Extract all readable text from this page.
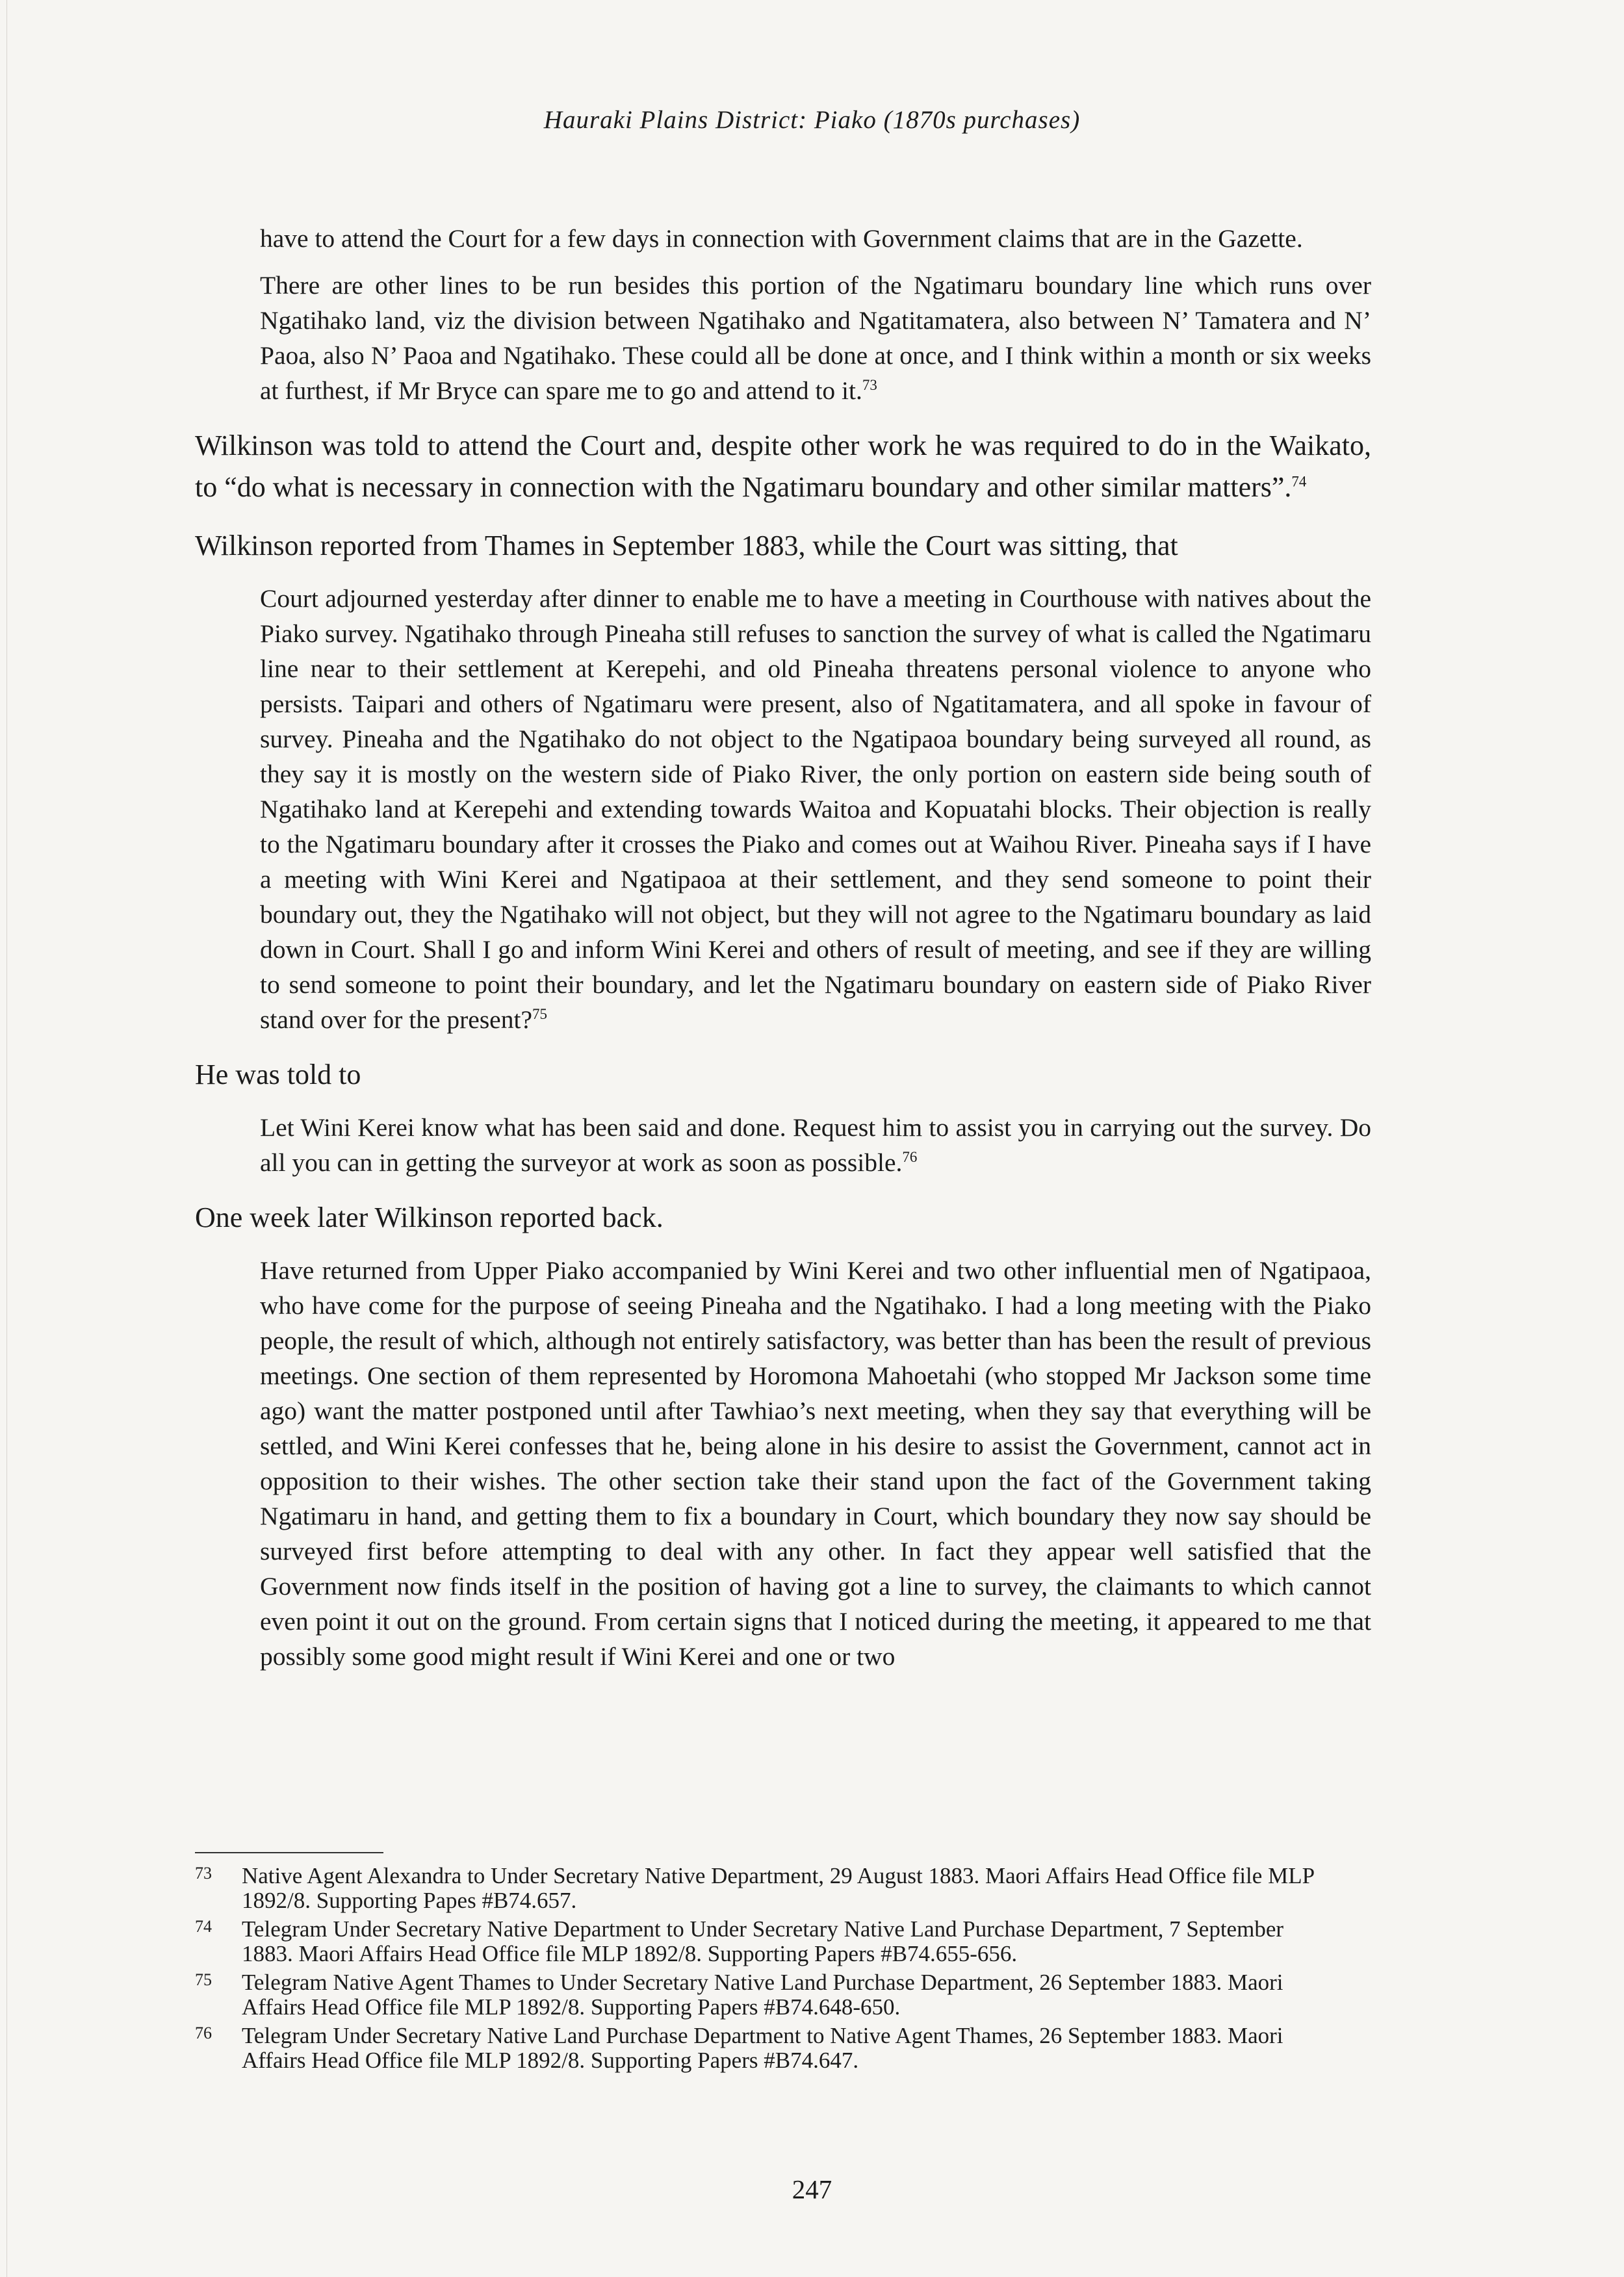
Hauraki Plains District: Piako (1870s purchases)

have to attend the Court for a few days in connection with Government claims that are in the Gazette.

There are other lines to be run besides this portion of the Ngatimaru boundary line which runs over Ngatihako land, viz the division between Ngatihako and Ngatitamatera, also between N’ Tamatera and N’ Paoa, also N’ Paoa and Ngatihako. These could all be done at once, and I think within a month or six weeks at furthest, if Mr Bryce can spare me to go and attend to it.$^{73}$

Wilkinson was told to attend the Court and, despite other work he was required to do in the Waikato, to “do what is necessary in connection with the Ngatimaru boundary and other similar matters”.$^{74}$

Wilkinson reported from Thames in September 1883, while the Court was sitting, that

Court adjourned yesterday after dinner to enable me to have a meeting in Courthouse with natives about the Piako survey. Ngatihako through Pineaha still refuses to sanction the survey of what is called the Ngatimaru line near to their settlement at Kerepehi, and old Pineaha threatens personal violence to anyone who persists. Taipari and others of Ngatimaru were present, also of Ngatitamatera, and all spoke in favour of survey. Pineaha and the Ngatihako do not object to the Ngatipaoa boundary being surveyed all round, as they say it is mostly on the western side of Piako River, the only portion on eastern side being south of Ngatihako land at Kerepehi and extending towards Waitoa and Kopuatahi blocks. Their objection is really to the Ngatimaru boundary after it crosses the Piako and comes out at Waihou River. Pineaha says if I have a meeting with Wini Kerei and Ngatipaoa at their settlement, and they send someone to point their boundary out, they the Ngatihako will not object, but they will not agree to the Ngatimaru boundary as laid down in Court. Shall I go and inform Wini Kerei and others of result of meeting, and see if they are willing to send someone to point their boundary, and let the Ngatimaru boundary on eastern side of Piako River stand over for the present?$^{75}$

He was told to

Let Wini Kerei know what has been said and done. Request him to assist you in carrying out the survey. Do all you can in getting the surveyor at work as soon as possible.$^{76}$

One week later Wilkinson reported back.

Have returned from Upper Piako accompanied by Wini Kerei and two other influential men of Ngatipaoa, who have come for the purpose of seeing Pineaha and the Ngatihako. I had a long meeting with the Piako people, the result of which, although not entirely satisfactory, was better than has been the result of previous meetings. One section of them represented by Horomona Mahoetahi (who stopped Mr Jackson some time ago) want the matter postponed until after Tawhiao’s next meeting, when they say that everything will be settled, and Wini Kerei confesses that he, being alone in his desire to assist the Government, cannot act in opposition to their wishes. The other section take their stand upon the fact of the Government taking Ngatimaru in hand, and getting them to fix a boundary in Court, which boundary they now say should be surveyed first before attempting to deal with any other. In fact they appear well satisfied that the Government now finds itself in the position of having got a line to survey, the claimants to which cannot even point it out on the ground. From certain signs that I noticed during the meeting, it appeared to me that possibly some good might result if Wini Kerei and one or two

73	Native Agent Alexandra to Under Secretary Native Department, 29 August 1883. Maori Affairs Head Office file MLP 1892/8. Supporting Papes #B74.657.
74	Telegram Under Secretary Native Department to Under Secretary Native Land Purchase Department, 7 September 1883. Maori Affairs Head Office file MLP 1892/8. Supporting Papers #B74.655-656.
75	Telegram Native Agent Thames to Under Secretary Native Land Purchase Department, 26 September 1883. Maori Affairs Head Office file MLP 1892/8. Supporting Papers #B74.648-650.
76	Telegram Under Secretary Native Land Purchase Department to Native Agent Thames, 26 September 1883. Maori Affairs Head Office file MLP 1892/8. Supporting Papers #B74.647.
247
